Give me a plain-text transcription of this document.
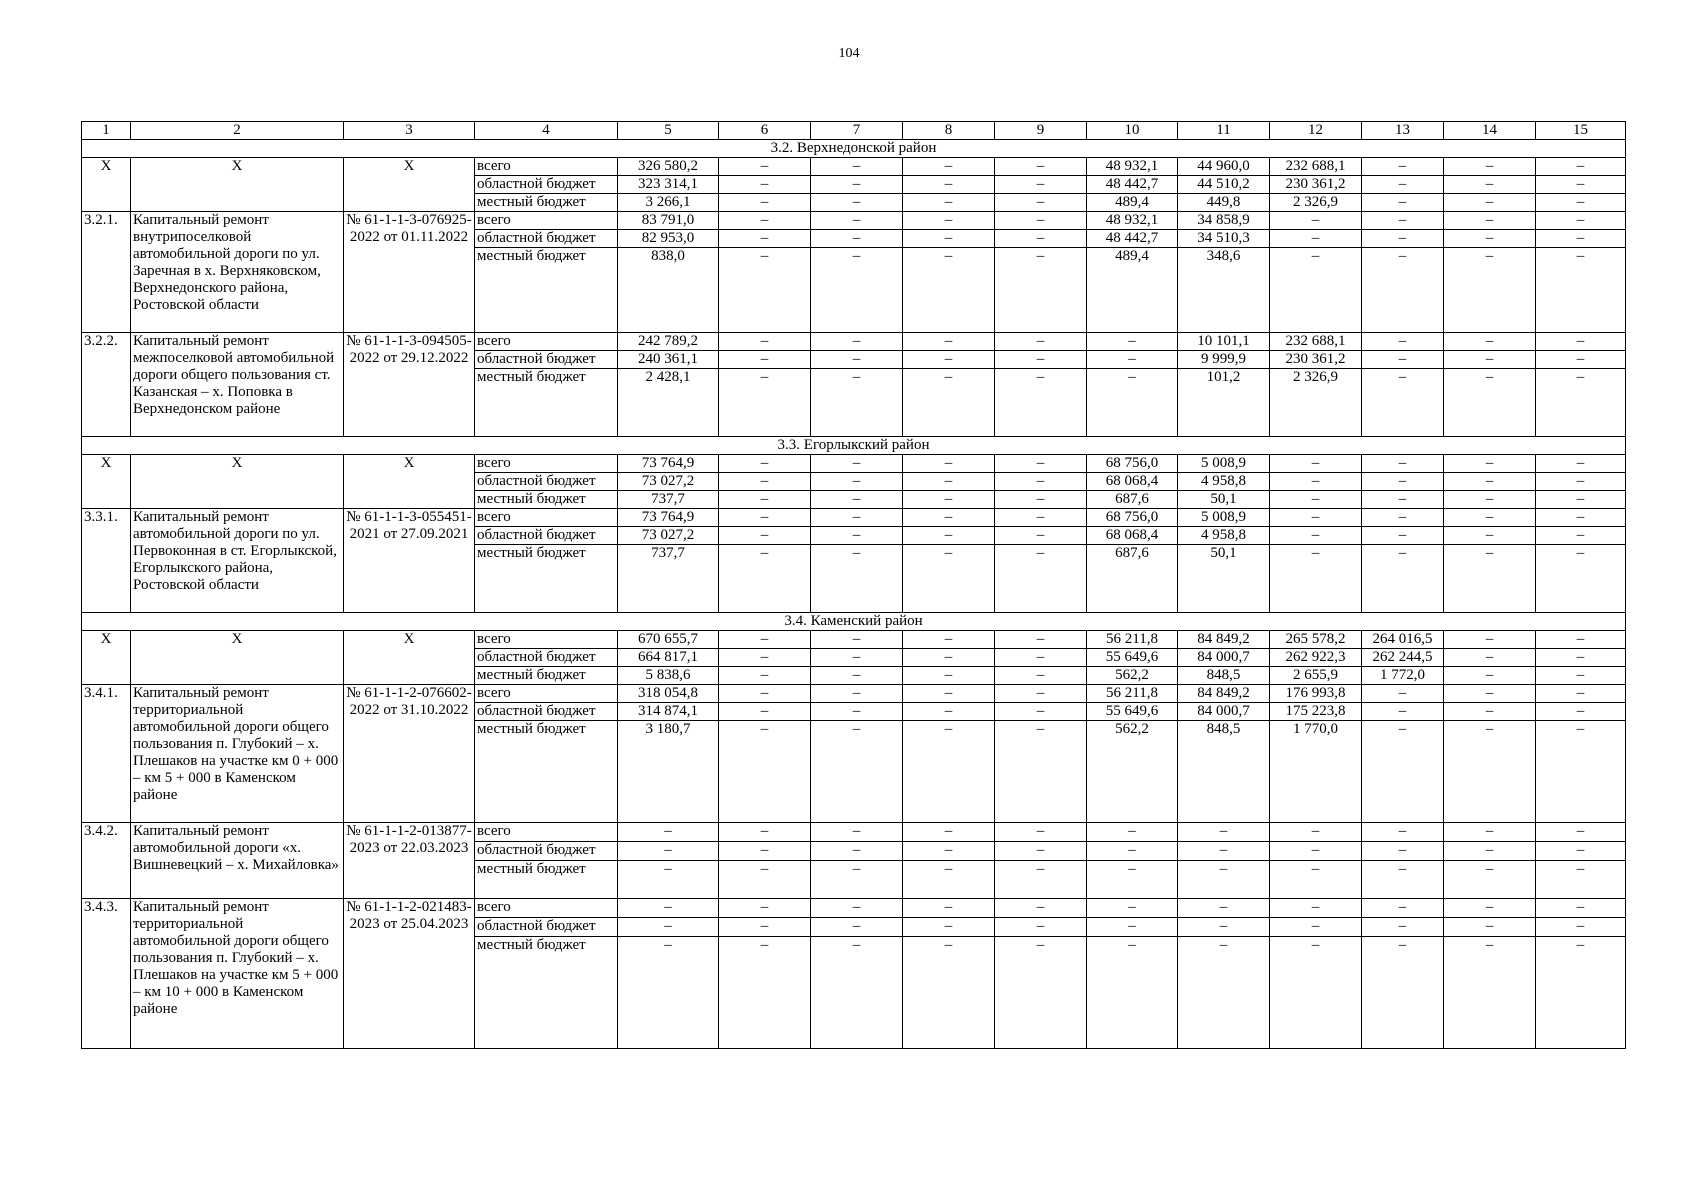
104
1	2	3	4	5	6	7	8	9	10	11	12	13	14	15
3.2. Верхнедонской район														
Х	Х	Х	всего	326 580,2	–	–	–	–	48 932,1	44 960,0	232 688,1	–	–	–
			областной бюджет	323 314,1	–	–	–	–	48 442,7	44 510,2	230 361,2	–	–	–
			местный бюджет	3 266,1	–	–	–	–	489,4	449,8	2 326,9	–	–	–
3.2.1.	Капитальный ремонт внутрипоселковой автомобильной дороги по ул. Заречная в х. Верхняковском, Верхнедонского района, Ростовской области	№ 61-1-1-3-076925-2022 от 01.11.2022	всего	83 791,0	–	–	–	–	48 932,1	34 858,9	–	–	–	–
			областной бюджет	82 953,0	–	–	–	–	48 442,7	34 510,3	–	–	–	–
			местный бюджет	838,0	–	–	–	–	489,4	348,6	–	–	–	–
3.2.2.	Капитальный ремонт межпоселковой автомобильной дороги общего пользования ст. Казанская – х. Поповка в Верхнедонском районе	№ 61-1-1-3-094505-2022 от 29.12.2022	всего	242 789,2	–	–	–	–	–	10 101,1	232 688,1	–	–	–
			областной бюджет	240 361,1	–	–	–	–	–	9 999,9	230 361,2	–	–	–
			местный бюджет	2 428,1	–	–	–	–	–	101,2	2 326,9	–	–	–
3.3. Егорлыкский район														
Х	Х	Х	всего	73 764,9	–	–	–	–	68 756,0	5 008,9	–	–	–	–
			областной бюджет	73 027,2	–	–	–	–	68 068,4	4 958,8	–	–	–	–
			местный бюджет	737,7	–	–	–	–	687,6	50,1	–	–	–	–
3.3.1.	Капитальный ремонт автомобильной дороги по ул. Первоконная в ст. Егорлыкской, Егорлыкского района, Ростовской области	№ 61-1-1-3-055451-2021 от 27.09.2021	всего	73 764,9	–	–	–	–	68 756,0	5 008,9	–	–	–	–
			областной бюджет	73 027,2	–	–	–	–	68 068,4	4 958,8	–	–	–	–
			местный бюджет	737,7	–	–	–	–	687,6	50,1	–	–	–	–
3.4. Каменский район														
Х	Х	Х	всего	670 655,7	–	–	–	–	56 211,8	84 849,2	265 578,2	264 016,5	–	–
			областной бюджет	664 817,1	–	–	–	–	55 649,6	84 000,7	262 922,3	262 244,5	–	–
			местный бюджет	5 838,6	–	–	–	–	562,2	848,5	2 655,9	1 772,0	–	–
3.4.1.	Капитальный ремонт территориальной автомобильной дороги общего пользования п. Глубокий – х. Плешаков на участке км 0 + 000 – км 5 + 000 в Каменском районе	№ 61-1-1-2-076602-2022 от 31.10.2022	всего	318 054,8	–	–	–	–	56 211,8	84 849,2	176 993,8	–	–	–
			областной бюджет	314 874,1	–	–	–	–	55 649,6	84 000,7	175 223,8	–	–	–
			местный бюджет	3 180,7	–	–	–	–	562,2	848,5	1 770,0	–	–	–
3.4.2.	Капитальный ремонт автомобильной дороги «х. Вишневецкий – х. Михайловка»	№ 61-1-1-2-013877-2023 от 22.03.2023	всего	–	–	–	–	–	–	–	–	–	–	–
			областной бюджет	–	–	–	–	–	–	–	–	–	–	–
			местный бюджет	–	–	–	–	–	–	–	–	–	–	–
3.4.3.	Капитальный ремонт территориальной автомобильной дороги общего пользования п. Глубокий – х. Плешаков на участке км 5 + 000 – км 10 + 000 в Каменском районе	№ 61-1-1-2-021483-2023 от 25.04.2023	всего	–	–	–	–	–	–	–	–	–	–	–
			областной бюджет	–	–	–	–	–	–	–	–	–	–	–
			местный бюджет	–	–	–	–	–	–	–	–	–	–	–
